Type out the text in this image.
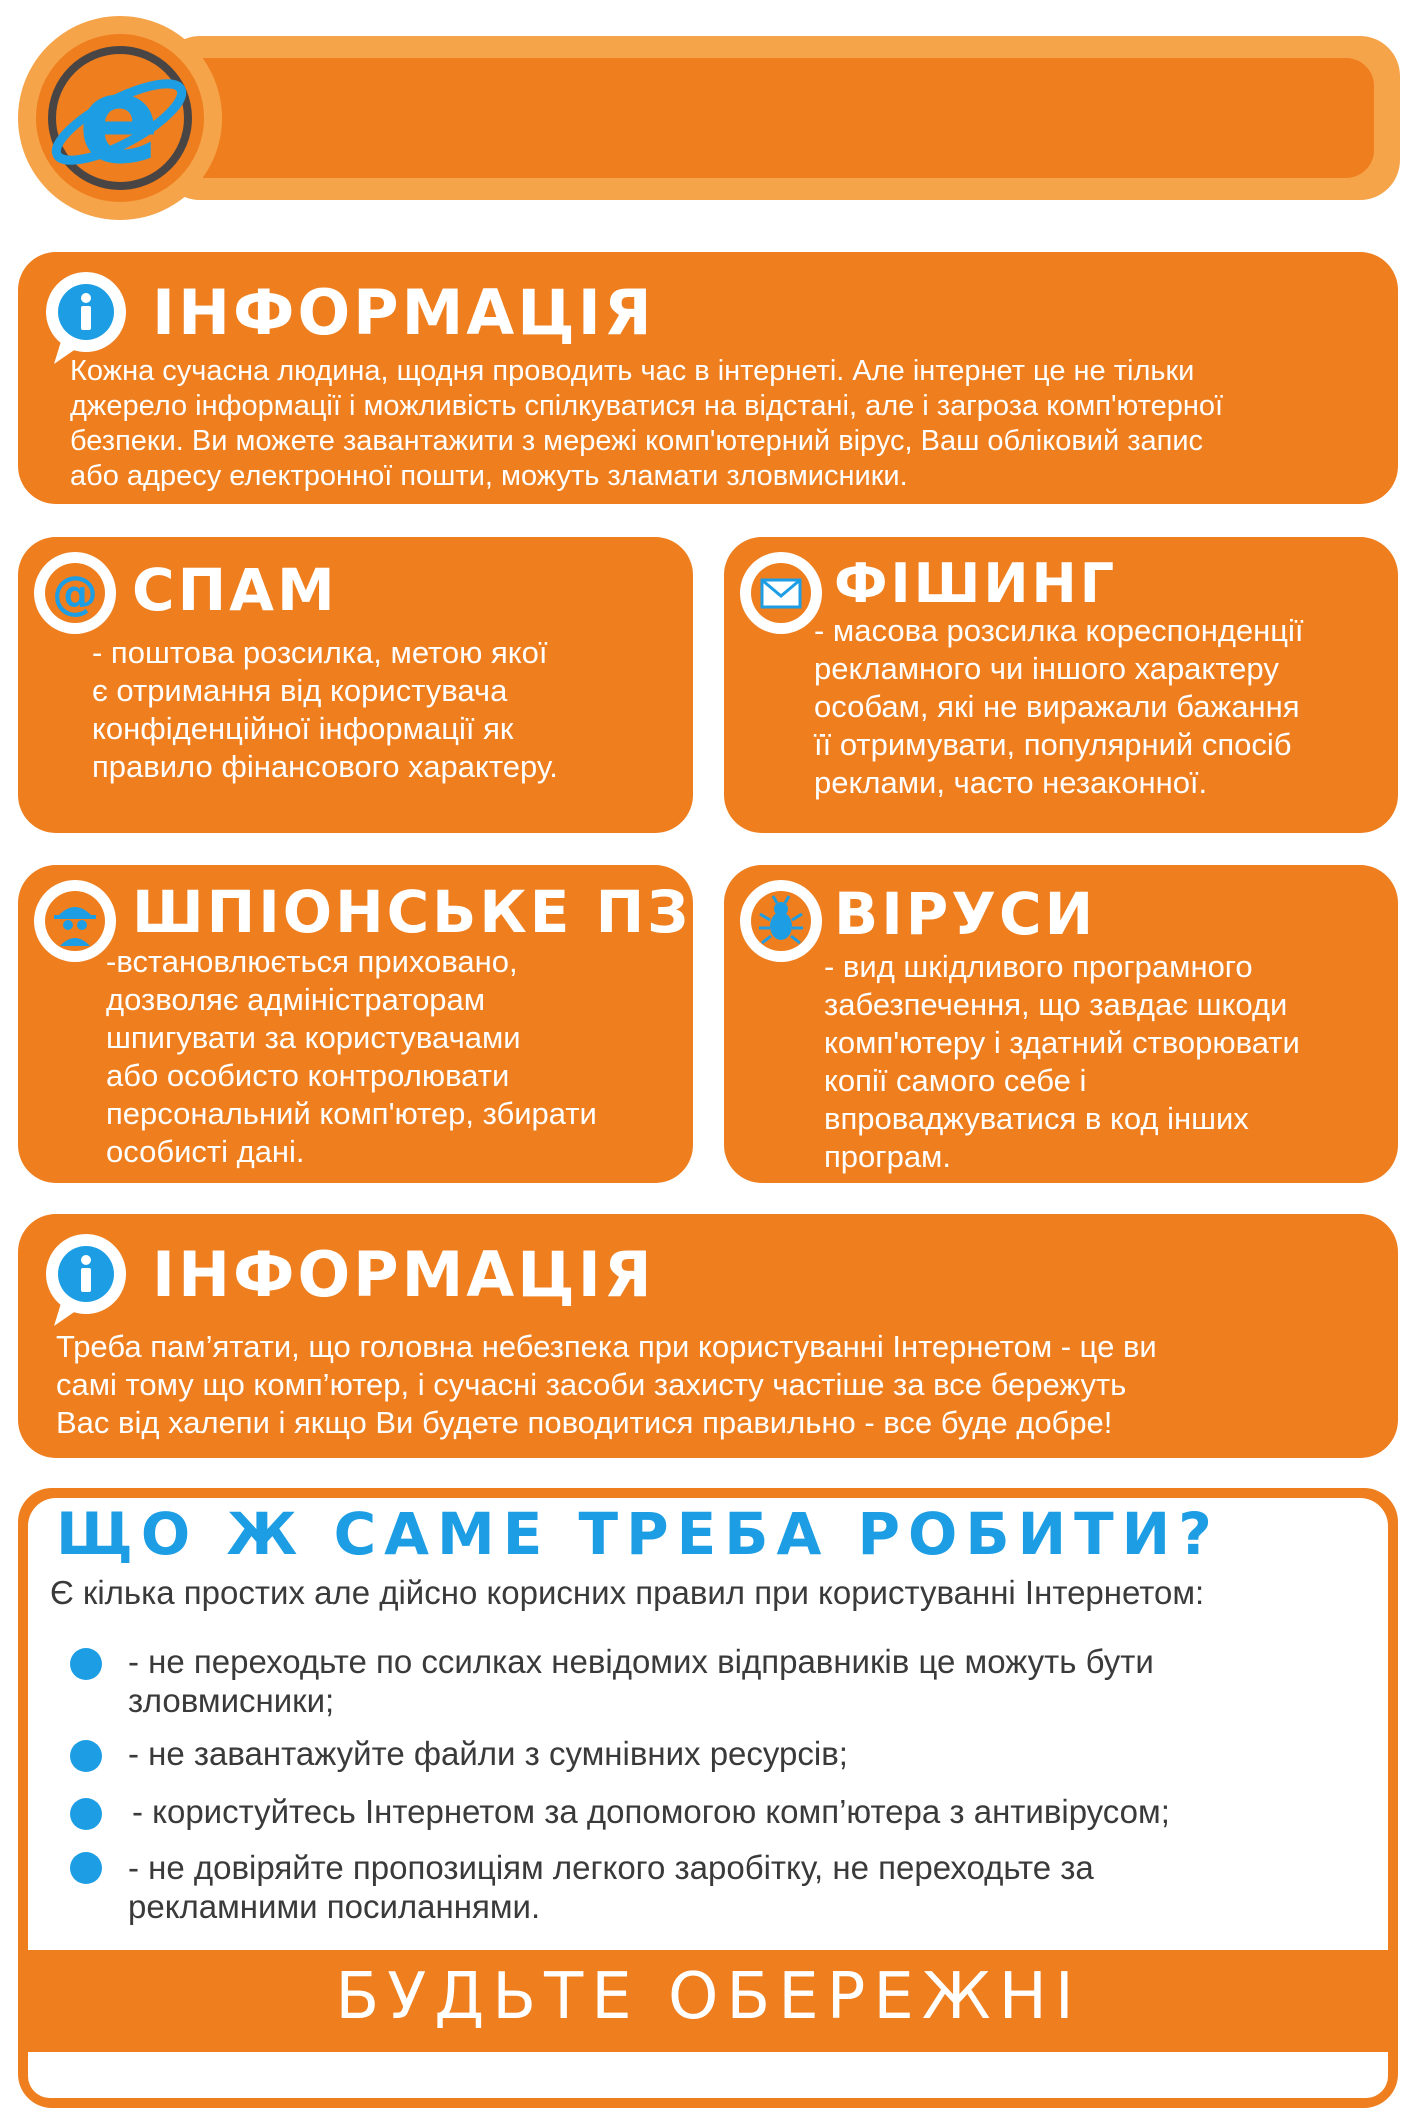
e
ІНФОРМАЦІЯ
Кожна сучасна людина, щодня проводить час в інтернеті. Але інтернет це не тільки
джерело інформації і можливість спілкуватися на відстані, але і загроза комп'ютерної
безпеки. Ви можете завантажити з мережі комп'ютерний вірус, Ваш обліковий запис
або адресу електронної пошти, можуть зламати зловмисники.
@ СПАМ
- поштова розсилка, метою якої
є отримання від користувача
конфіденційної інформації як
правило фінансового характеру.
ФІШИНГ
- масова розсилка кореспонденції
рекламного чи іншого характеру
особам, які не виражали бажання
її отримувати, популярний спосіб
реклами, часто незаконної.
ШПІОНСЬКЕ ПЗ
-встановлюється приховано,
дозволяє адміністраторам
шпигувати за користувачами
або особисто контролювати
персональний комп'ютер, збирати
особисті дані.
ВІРУСИ
- вид шкідливого програмного
забезпечення, що завдає шкоди
комп'ютеру і здатний створювати
копії самого себе і
впроваджуватися в код інших
програм.
ІНФОРМАЦІЯ
Треба пам’ятати, що головна небезпека при користуванні Інтернетом - це ви
самі тому що комп’ютер, і сучасні засоби захисту частіше за все бережуть
Вас від халепи і якщо Ви будете поводитися правильно - все буде добре!
ЩО Ж САМЕ ТРЕБА РОБИТИ?
Є кілька простих але дійсно корисних правил при користуванні Інтернетом:
- не переходьте по ссилках невідомих відправників це можуть бути
зловмисники;
- не завантажуйте файли з сумнівних ресурсів;
- користуйтесь Інтернетом за допомогою комп’ютера з антивірусом;
- не довіряйте пропозиціям легкого заробітку, не переходьте за
рекламними посиланнями.
БУДЬТЕ ОБЕРЕЖНІ
